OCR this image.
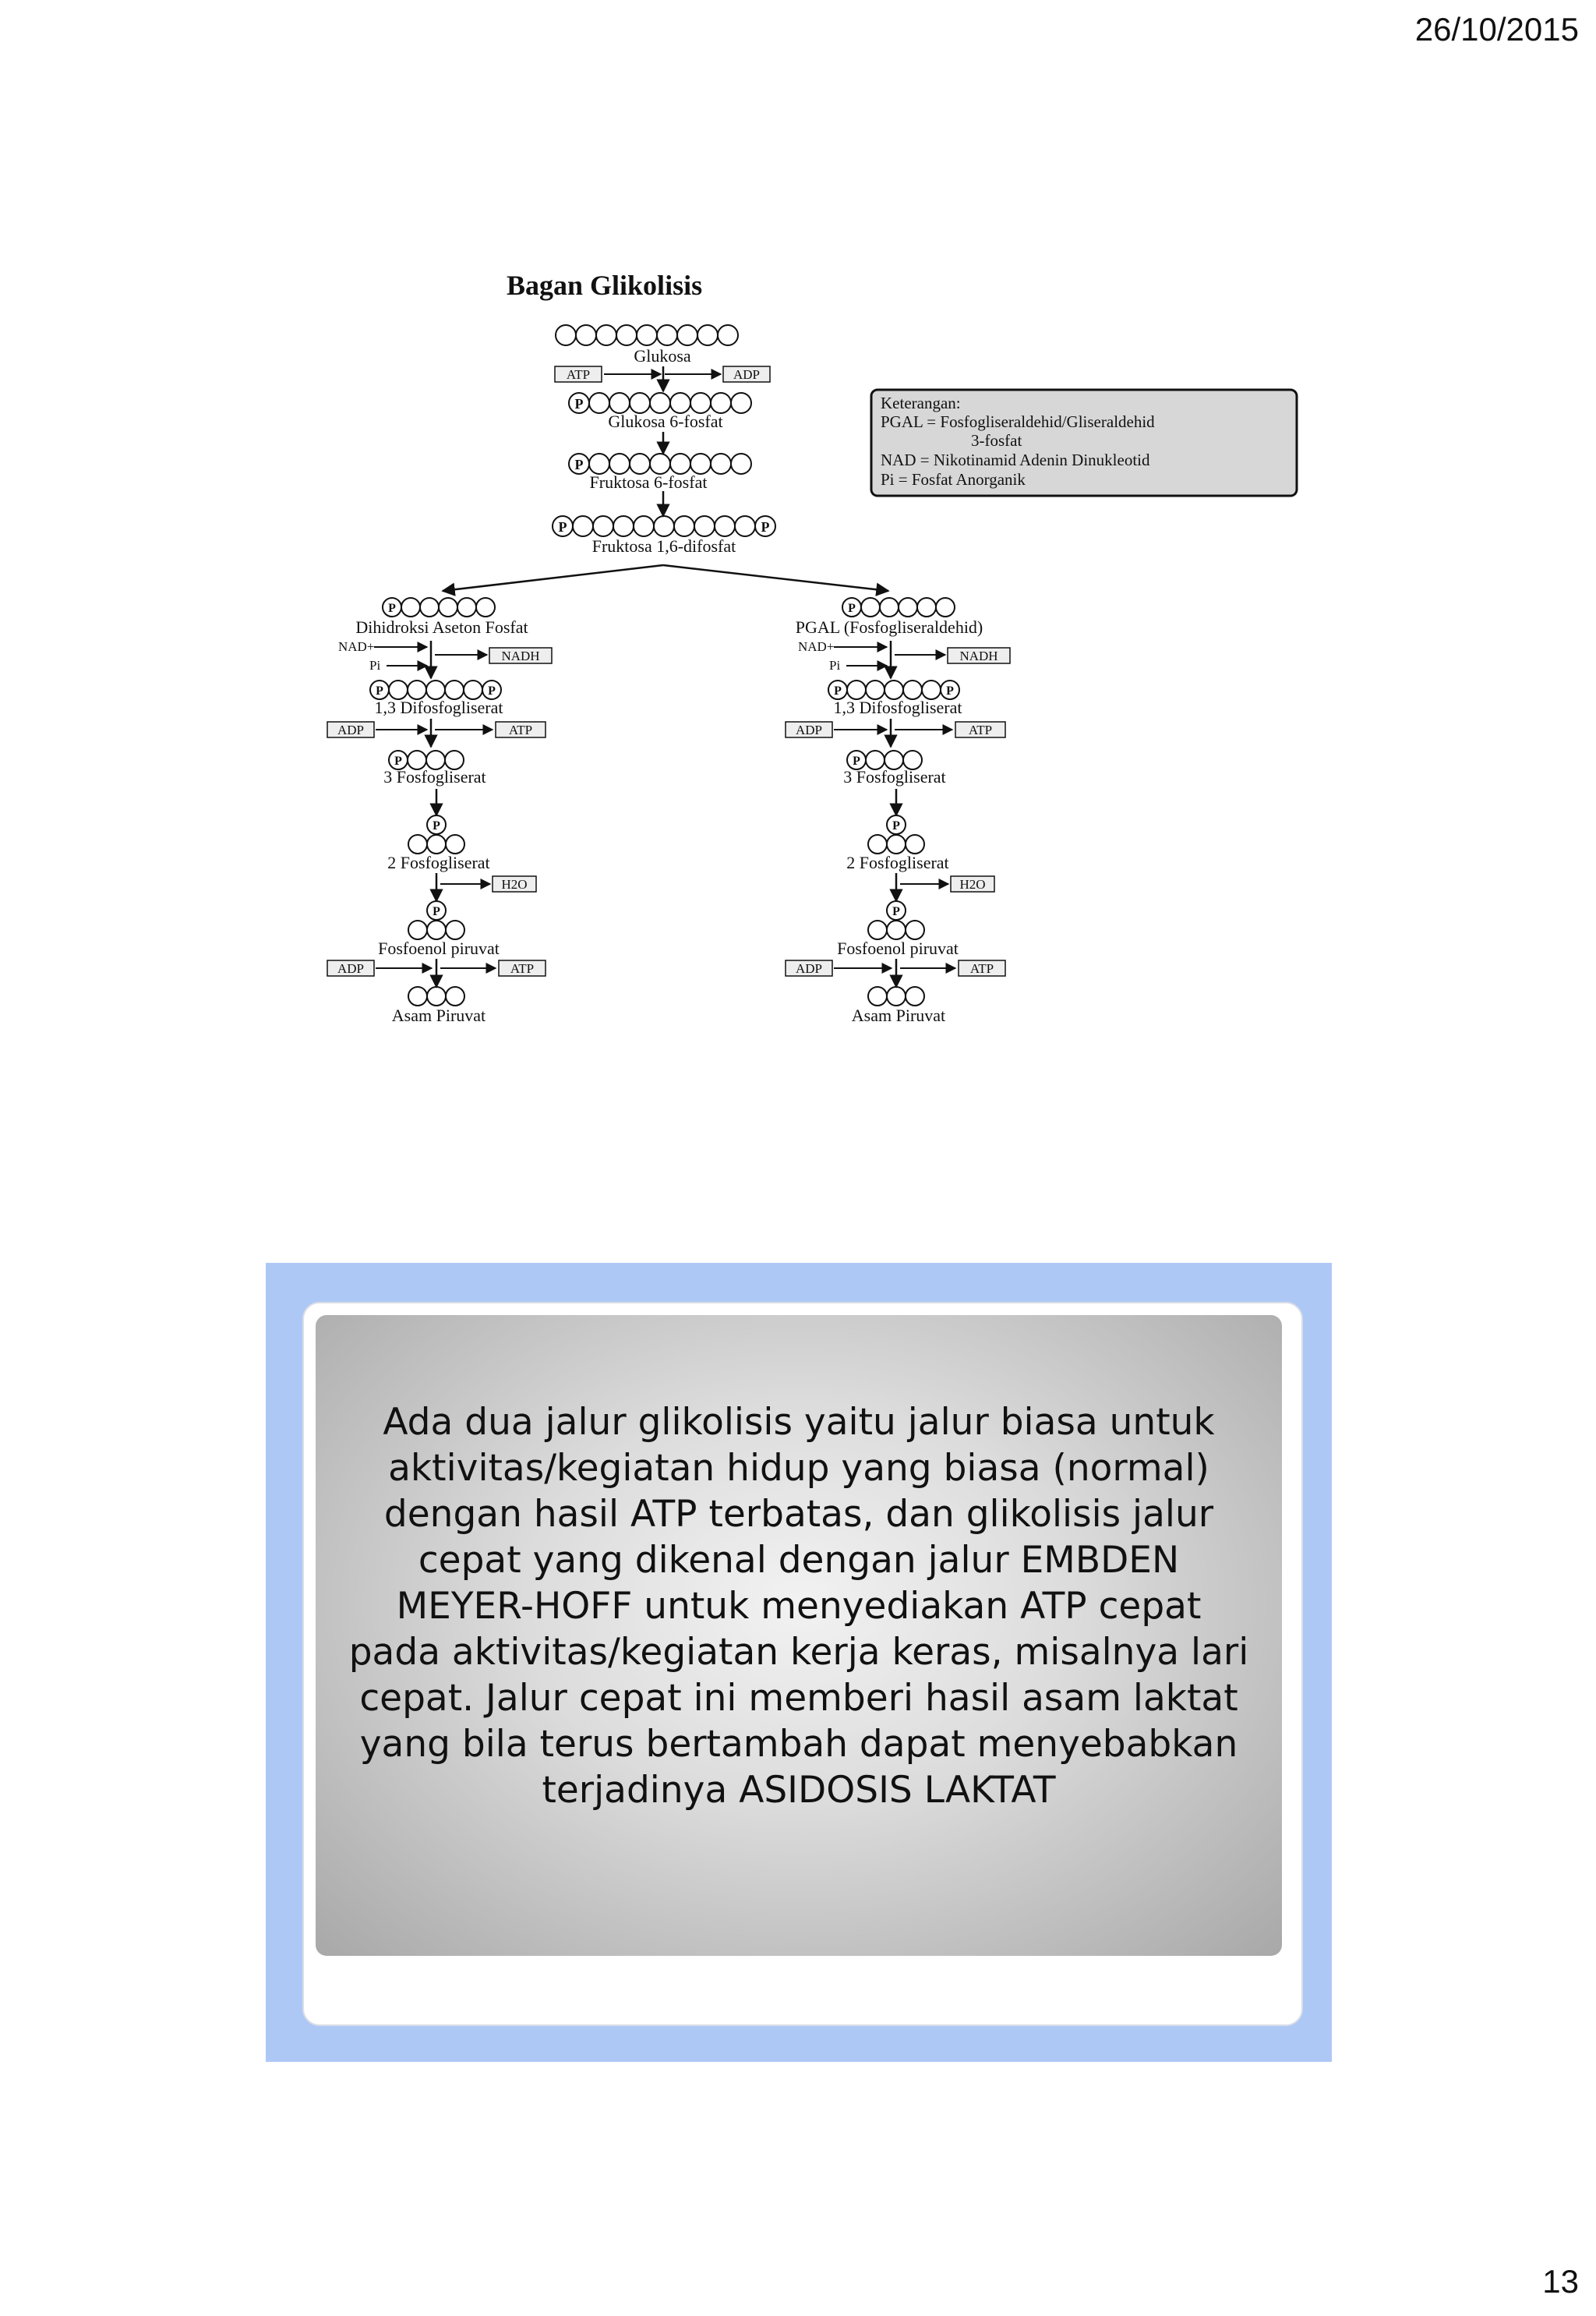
26/10/2015
Bagan Glikolisis
Glukosa
ATP	ADP
P
Glukosa 6-fosfat
P
Fruktosa 6-fosfat
P	P
Fruktosa 1,6-difosfat
Keterangan:
PGAL = Fosfogliseraldehid/Gliseraldehid
3-fosfat
NAD = Nikotinamid Adenin Dinukleotid
Pi = Fosfat Anorganik
P
Dihidroksi Aseton Fosfat
NAD+
Pi
NADH
P	P
1,3 Difosfogliserat
ADP	ATP
P
3 Fosfogliserat
P
2 Fosfogliserat
H2O
P
Fosfoenol piruvat
ADP	ATP
Asam Piruvat
P
PGAL (Fosfogliseraldehid)
NAD+
Pi
NADH
P	P
1,3 Difosfogliserat
ADP	ATP
P
3 Fosfogliserat
P
2 Fosfogliserat
H2O
P
Fosfoenol piruvat
ADP	ATP
Asam Piruvat

Ada dua jalur glikolisis yaitu jalur biasa untuk aktivitas/kegiatan hidup yang biasa (normal) dengan hasil ATP terbatas, dan glikolisis jalur cepat yang dikenal dengan jalur EMBDEN MEYER-HOFF untuk menyediakan ATP cepat pada aktivitas/kegiatan kerja keras, misalnya lari cepat. Jalur cepat ini memberi hasil asam laktat yang bila terus bertambah dapat menyebabkan terjadinya ASIDOSIS LAKTAT

13
